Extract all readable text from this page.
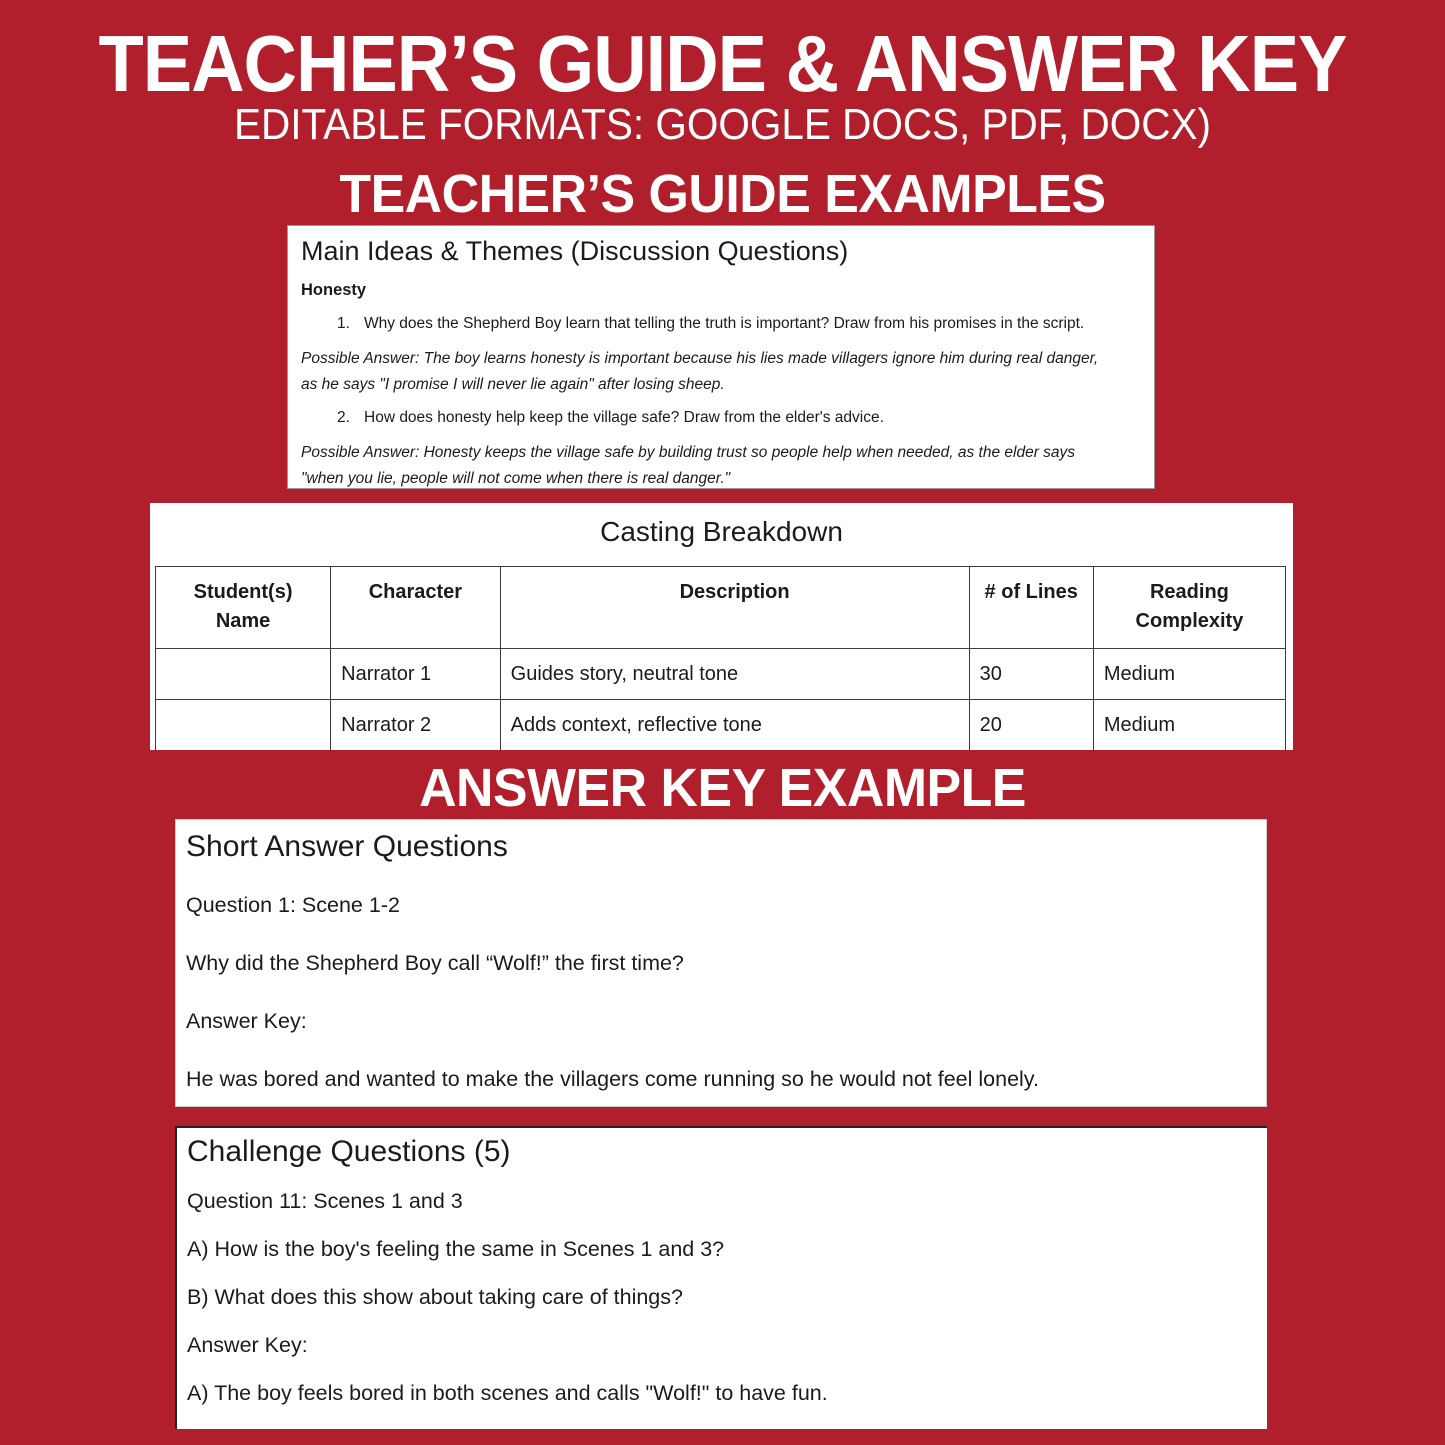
TEACHER’S GUIDE & ANSWER KEY
EDITABLE FORMATS: GOOGLE DOCS, PDF, DOCX)
TEACHER’S GUIDE EXAMPLES
Main Ideas & Themes (Discussion Questions)
Honesty
1. Why does the Shepherd Boy learn that telling the truth is important? Draw from his promises in the script.
Possible Answer: The boy learns honesty is important because his lies made villagers ignore him during real danger,
as he says "I promise I will never lie again" after losing sheep.
2. How does honesty help keep the village safe? Draw from the elder's advice.
Possible Answer: Honesty keeps the village safe by building trust so people help when needed, as the elder says
"when you lie, people will not come when there is real danger."
Casting Breakdown
Student(s) Name	Character	Description	# of Lines	Reading Complexity
	Narrator 1	Guides story, neutral tone	30	Medium
	Narrator 2	Adds context, reflective tone	20	Medium
ANSWER KEY EXAMPLE
Short Answer Questions
Question 1: Scene 1-2
Why did the Shepherd Boy call “Wolf!” the first time?
Answer Key:
He was bored and wanted to make the villagers come running so he would not feel lonely.
Challenge Questions (5)
Question 11: Scenes 1 and 3
A) How is the boy's feeling the same in Scenes 1 and 3?
B) What does this show about taking care of things?
Answer Key:
A) The boy feels bored in both scenes and calls "Wolf!" to have fun.
